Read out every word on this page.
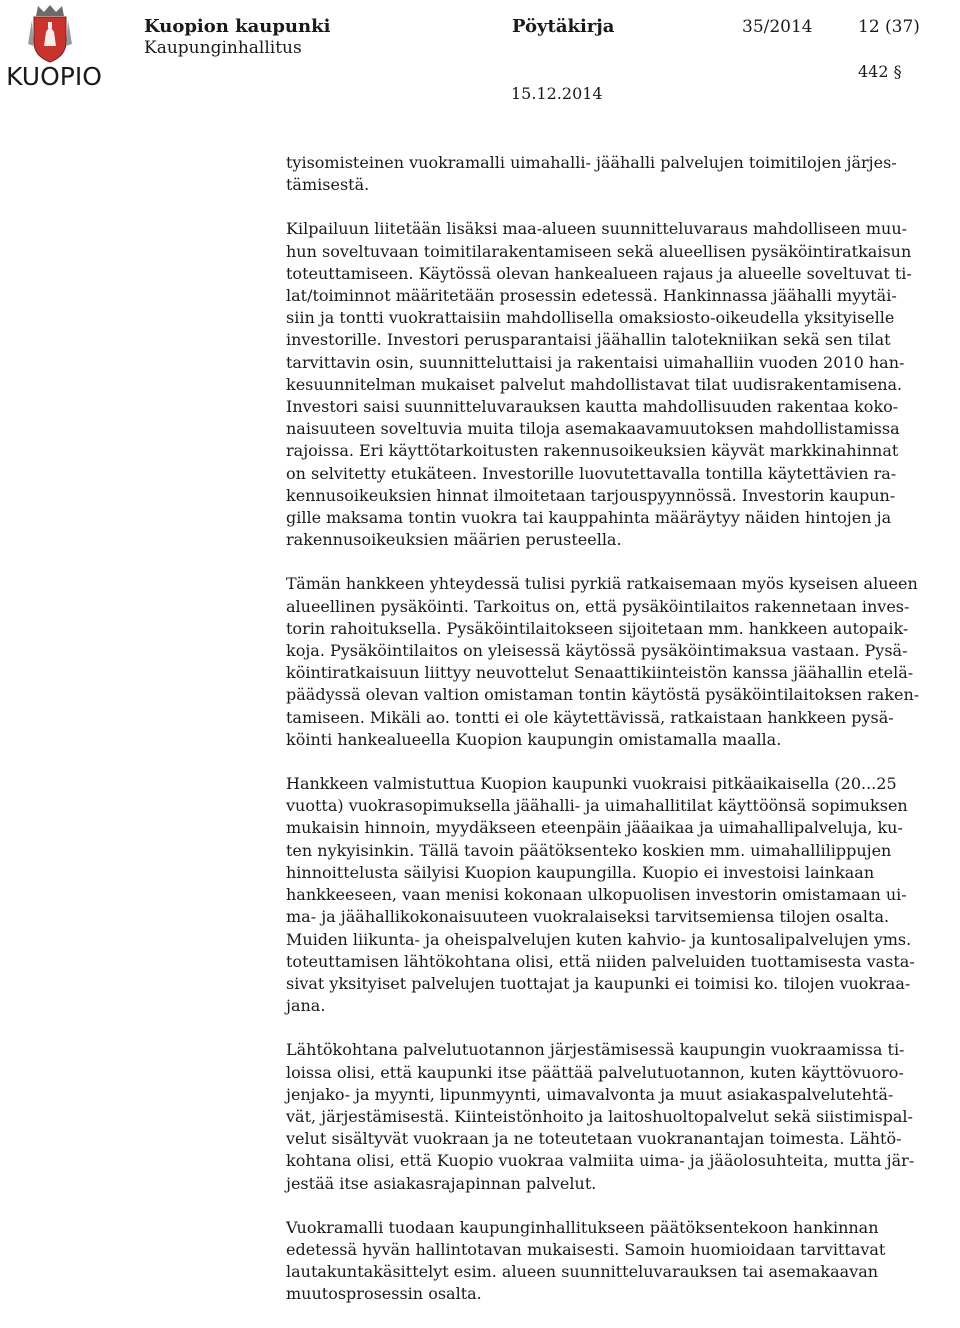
KUOPIO
Kuopion kaupunki
Kaupunginhallitus
Pöytäkirja	35/2014	12 (37)
442 §
15.12.2014

tyisomisteinen vuokramalli uimahalli- jäähalli palvelujen toimitilojen järjes-
tämisestä.

Kilpailuun liitetään lisäksi maa-alueen suunnitteluvaraus mahdolliseen muu-
hun soveltuvaan toimitilarakentamiseen sekä alueellisen pysäköintiratkaisun
toteuttamiseen. Käytössä olevan hankealueen rajaus ja alueelle soveltuvat ti-
lat/toiminnot määritetään prosessin edetessä. Hankinnassa jäähalli myytäi-
siin ja tontti vuokrattaisiin mahdollisella omaksiosto-oikeudella yksityiselle
investorille. Investori perusparantaisi jäähallin talotekniikan sekä sen tilat
tarvittavin osin, suunnitteluttaisi ja rakentaisi uimahalliin vuoden 2010 han-
kesuunnitelman mukaiset palvelut mahdollistavat tilat uudisrakentamisena.
Investori saisi suunnitteluvarauksen kautta mahdollisuuden rakentaa koko-
naisuuteen soveltuvia muita tiloja asemakaavamuutoksen mahdollistamissa
rajoissa. Eri käyttötarkoitusten rakennusoikeuksien käyvät markkinahinnat
on selvitetty etukäteen. Investorille luovutettavalla tontilla käytettävien ra-
kennusoikeuksien hinnat ilmoitetaan tarjouspyynnössä. Investorin kaupun-
gille maksama tontin vuokra tai kauppahinta määräytyy näiden hintojen ja
rakennusoikeuksien määrien perusteella.

Tämän hankkeen yhteydessä tulisi pyrkiä ratkaisemaan myös kyseisen alueen
alueellinen pysäköinti. Tarkoitus on, että pysäköintilaitos rakennetaan inves-
torin rahoituksella. Pysäköintilaitokseen sijoitetaan mm. hankkeen autopaik-
koja. Pysäköintilaitos on yleisessä käytössä pysäköintimaksua vastaan. Pysä-
köintiratkaisuun liittyy neuvottelut Senaattikiinteistön kanssa jäähallin etelä-
päädyssä olevan valtion omistaman tontin käytöstä pysäköintilaitoksen raken-
tamiseen. Mikäli ao. tontti ei ole käytettävissä, ratkaistaan hankkeen pysä-
köinti hankealueella Kuopion kaupungin omistamalla maalla.

Hankkeen valmistuttua Kuopion kaupunki vuokraisi pitkäaikaisella (20...25
vuotta) vuokrasopimuksella jäähalli- ja uimahallitilat käyttöönsä sopimuksen
mukaisin hinnoin, myydäkseen eteenpäin jääaikaa ja uimahallipalveluja, ku-
ten nykyisinkin. Tällä tavoin päätöksenteko koskien mm. uimahallilippujen
hinnoittelusta säilyisi Kuopion kaupungilla. Kuopio ei investoisi lainkaan
hankkeeseen, vaan menisi kokonaan ulkopuolisen investorin omistamaan ui-
ma- ja jäähallikokonaisuuteen vuokralaiseksi tarvitsemiensa tilojen osalta.
Muiden liikunta- ja oheispalvelujen kuten kahvio- ja kuntosalipalvelujen yms.
toteuttamisen lähtökohtana olisi, että niiden palveluiden tuottamisesta vasta-
sivat yksityiset palvelujen tuottajat ja kaupunki ei toimisi ko. tilojen vuokraa-
jana.

Lähtökohtana palvelutuotannon järjestämisessä kaupungin vuokraamissa ti-
loissa olisi, että kaupunki itse päättää palvelutuotannon, kuten käyttövuoro-
jenjako- ja myynti, lipunmyynti, uimavalvonta ja muut asiakaspalvelutehtä-
vät, järjestämisestä. Kiinteistönhoito ja laitoshuoltopalvelut sekä siistimispal-
velut sisältyvät vuokraan ja ne toteutetaan vuokranantajan toimesta. Lähtö-
kohtana olisi, että Kuopio vuokraa valmiita uima- ja jääolosuhteita, mutta jär-
jestää itse asiakasrajapinnan palvelut.

Vuokramalli tuodaan kaupunginhallitukseen päätöksentekoon hankinnan
edetessä hyvän hallintotavan mukaisesti. Samoin huomioidaan tarvittavat
lautakuntakäsittelyt esim. alueen suunnitteluvarauksen tai asemakaavan
muutosprosessin osalta.
